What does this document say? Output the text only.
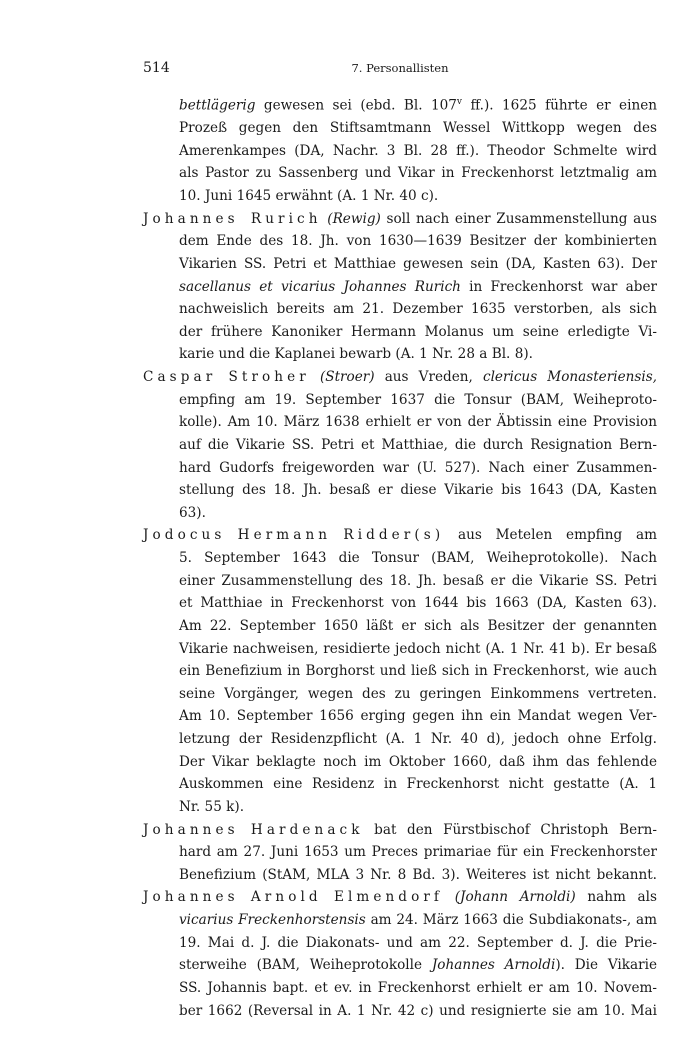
514	7. Personallisten
bettlägerig gewesen sei (ebd. Bl. 107$^v$ ff.). 1625 führte er einen
Prozeß gegen den Stiftsamtmann Wessel Wittkopp wegen des
Amerenkampes (DA, Nachr. 3 Bl. 28 ff.). Theodor Schmelte wird
als Pastor zu Sassenberg und Vikar in Freckenhorst letztmalig am
10. Juni 1645 erwähnt (A. 1 Nr. 40 c).
Johannes Rurich (Rewig) soll nach einer Zusammenstellung aus
dem Ende des 18. Jh. von 1630—1639 Besitzer der kombinierten
Vikarien SS. Petri et Matthiae gewesen sein (DA, Kasten 63). Der
sacellanus et vicarius Johannes Rurich in Freckenhorst war aber
nachweislich bereits am 21. Dezember 1635 verstorben, als sich
der frühere Kanoniker Hermann Molanus um seine erledigte Vi-
karie und die Kaplanei bewarb (A. 1 Nr. 28 a Bl. 8).
Caspar Stroher (Stroer) aus Vreden, clericus Monasteriensis,
empfing am 19. September 1637 die Tonsur (BAM, Weiheproto-
kolle). Am 10. März 1638 erhielt er von der Äbtissin eine Provision
auf die Vikarie SS. Petri et Matthiae, die durch Resignation Bern-
hard Gudorfs freigeworden war (U. 527). Nach einer Zusammen-
stellung des 18. Jh. besaß er diese Vikarie bis 1643 (DA, Kasten
63).
Jodocus Hermann Ridder(s) aus Metelen empfing am
5. September 1643 die Tonsur (BAM, Weiheprotokolle). Nach
einer Zusammenstellung des 18. Jh. besaß er die Vikarie SS. Petri
et Matthiae in Freckenhorst von 1644 bis 1663 (DA, Kasten 63).
Am 22. September 1650 läßt er sich als Besitzer der genannten
Vikarie nachweisen, residierte jedoch nicht (A. 1 Nr. 41 b). Er besaß
ein Benefizium in Borghorst und ließ sich in Freckenhorst, wie auch
seine Vorgänger, wegen des zu geringen Einkommens vertreten.
Am 10. September 1656 erging gegen ihn ein Mandat wegen Ver-
letzung der Residenzpflicht (A. 1 Nr. 40 d), jedoch ohne Erfolg.
Der Vikar beklagte noch im Oktober 1660, daß ihm das fehlende
Auskommen eine Residenz in Freckenhorst nicht gestatte (A. 1
Nr. 55 k).
Johannes Hardenack bat den Fürstbischof Christoph Bern-
hard am 27. Juni 1653 um Preces primariae für ein Freckenhorster
Benefizium (StAM, MLA 3 Nr. 8 Bd. 3). Weiteres ist nicht bekannt.
Johannes Arnold Elmendorf (Johann Arnoldi) nahm als
vicarius Freckenhorstensis am 24. März 1663 die Subdiakonats-, am
19. Mai d. J. die Diakonats- und am 22. September d. J. die Prie-
sterweihe (BAM, Weiheprotokolle Johannes Arnoldi). Die Vikarie
SS. Johannis bapt. et ev. in Freckenhorst erhielt er am 10. Novem-
ber 1662 (Reversal in A. 1 Nr. 42 c) und resignierte sie am 10. Mai
